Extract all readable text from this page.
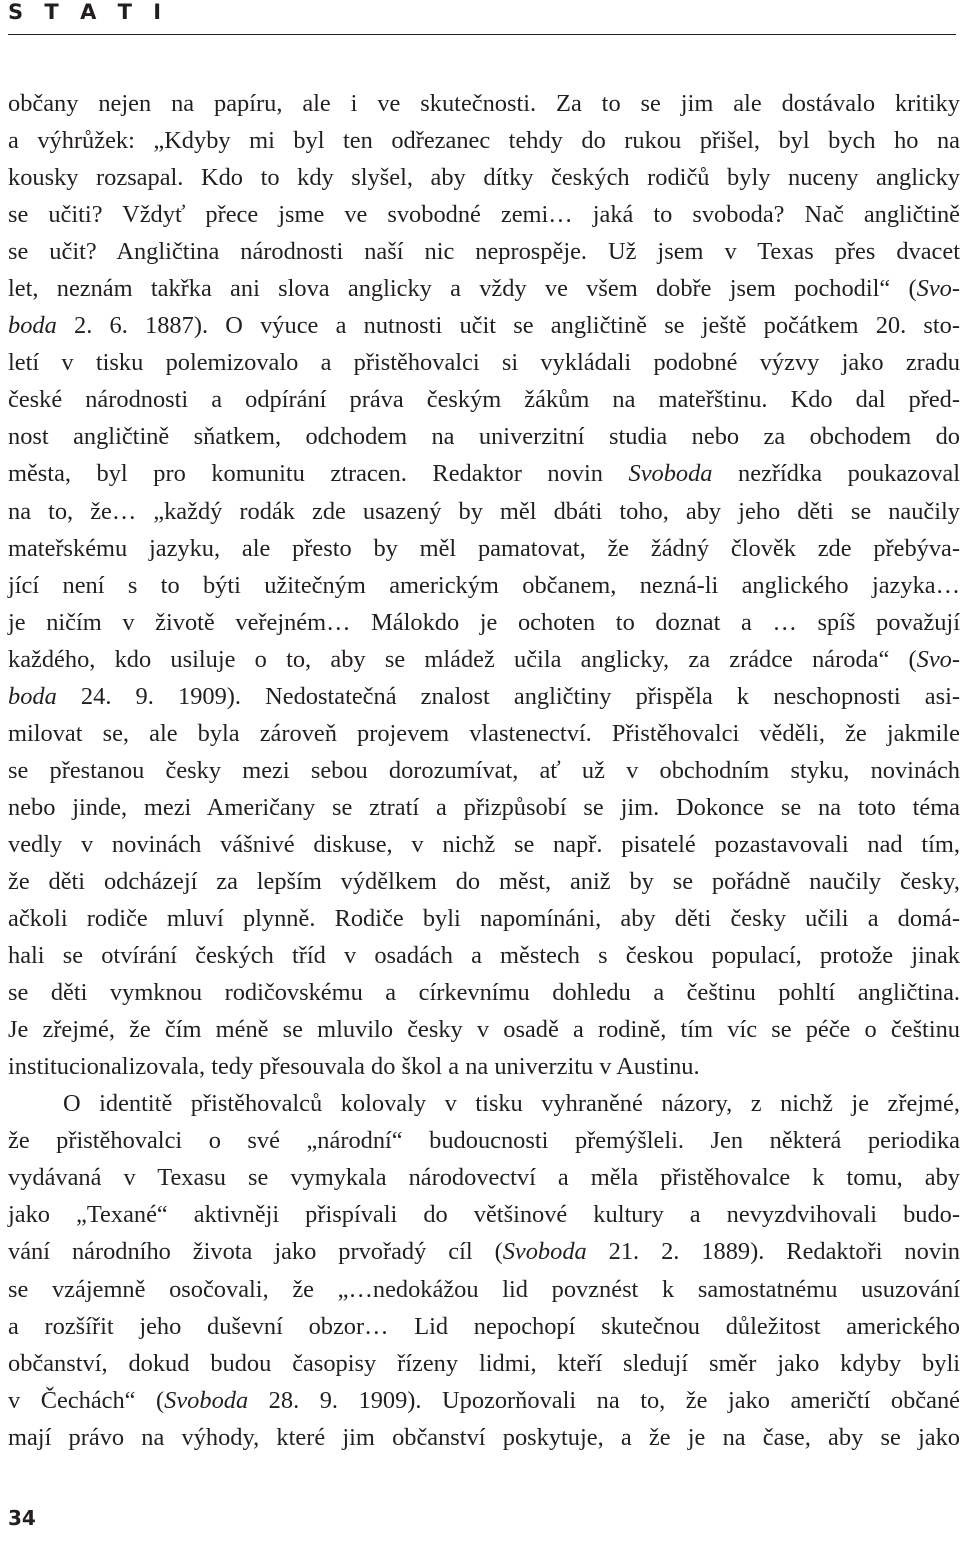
S T A T I
občany nejen na papíru, ale i ve skutečnosti. Za to se jim ale dostávalo kritiky
a výhrůžek: „Kdyby mi byl ten odřezanec tehdy do rukou přišel, byl bych ho na
kousky rozsapal. Kdo to kdy slyšel, aby dítky českých rodičů byly nuceny anglicky
se učiti? Vždyť přece jsme ve svobodné zemi… jaká to svoboda? Nač angličtině
se učit? Angličtina národnosti naší nic neprospěje. Už jsem v Texas přes dvacet
let, neznám takřka ani slova anglicky a vždy ve všem dobře jsem pochodil“ (Svo-
boda 2. 6. 1887). O výuce a nutnosti učit se angličtině se ještě počátkem 20. sto-
letí v tisku polemizovalo a přistěhovalci si vykládali podobné výzvy jako zradu
české národnosti a odpírání práva českým žákům na mateřštinu. Kdo dal před-
nost angličtině sňatkem, odchodem na univerzitní studia nebo za obchodem do
města, byl pro komunitu ztracen. Redaktor novin Svoboda nezřídka poukazoval
na to, že… „každý rodák zde usazený by měl dbáti toho, aby jeho děti se naučily
mateřskému jazyku, ale přesto by měl pamatovat, že žádný člověk zde přebýva-
jící není s to býti užitečným americkým občanem, nezná-li anglického jazyka…
je ničím v životě veřejném… Málokdo je ochoten to doznat a … spíš považují
každého, kdo usiluje o to, aby se mládež učila anglicky, za zrádce národa“ (Svo-
boda 24. 9. 1909). Nedostatečná znalost angličtiny přispěla k neschopnosti asi-
milovat se, ale byla zároveň projevem vlastenectví. Přistěhovalci věděli, že jakmile
se přestanou česky mezi sebou dorozumívat, ať už v obchodním styku, novinách
nebo jinde, mezi Američany se ztratí a přizpůsobí se jim. Dokonce se na toto téma
vedly v novinách vášnivé diskuse, v nichž se např. pisatelé pozastavovali nad tím,
že děti odcházejí za lepším výdělkem do měst, aniž by se pořádně naučily česky,
ačkoli rodiče mluví plynně. Rodiče byli napomínáni, aby děti česky učili a domá-
hali se otvírání českých tříd v osadách a městech s českou populací, protože jinak
se děti vymknou rodičovskému a církevnímu dohledu a češtinu pohltí angličtina.
Je zřejmé, že čím méně se mluvilo česky v osadě a rodině, tím víc se péče o češtinu
institucionalizovala, tedy přesouvala do škol a na univerzitu v Austinu.
O identitě přistěhovalců kolovaly v tisku vyhraněné názory, z nichž je zřejmé,
že přistěhovalci o své „národní“ budoucnosti přemýšleli. Jen některá periodika
vydávaná v Texasu se vymykala národovectví a měla přistěhovalce k tomu, aby
jako „Texané“ aktivněji přispívali do většinové kultury a nevyzdvihovali budo-
vání národního života jako prvořadý cíl (Svoboda 21. 2. 1889). Redaktoři novin
se vzájemně osočovali, že „…nedokážou lid povznést k samostatnému usuzování
a rozšířit jeho duševní obzor… Lid nepochopí skutečnou důležitost amerického
občanství, dokud budou časopisy řízeny lidmi, kteří sledují směr jako kdyby byli
v Čechách“ (Svoboda 28. 9. 1909). Upozorňovali na to, že jako američtí občané
mají právo na výhody, které jim občanství poskytuje, a že je na čase, aby se jako
34
